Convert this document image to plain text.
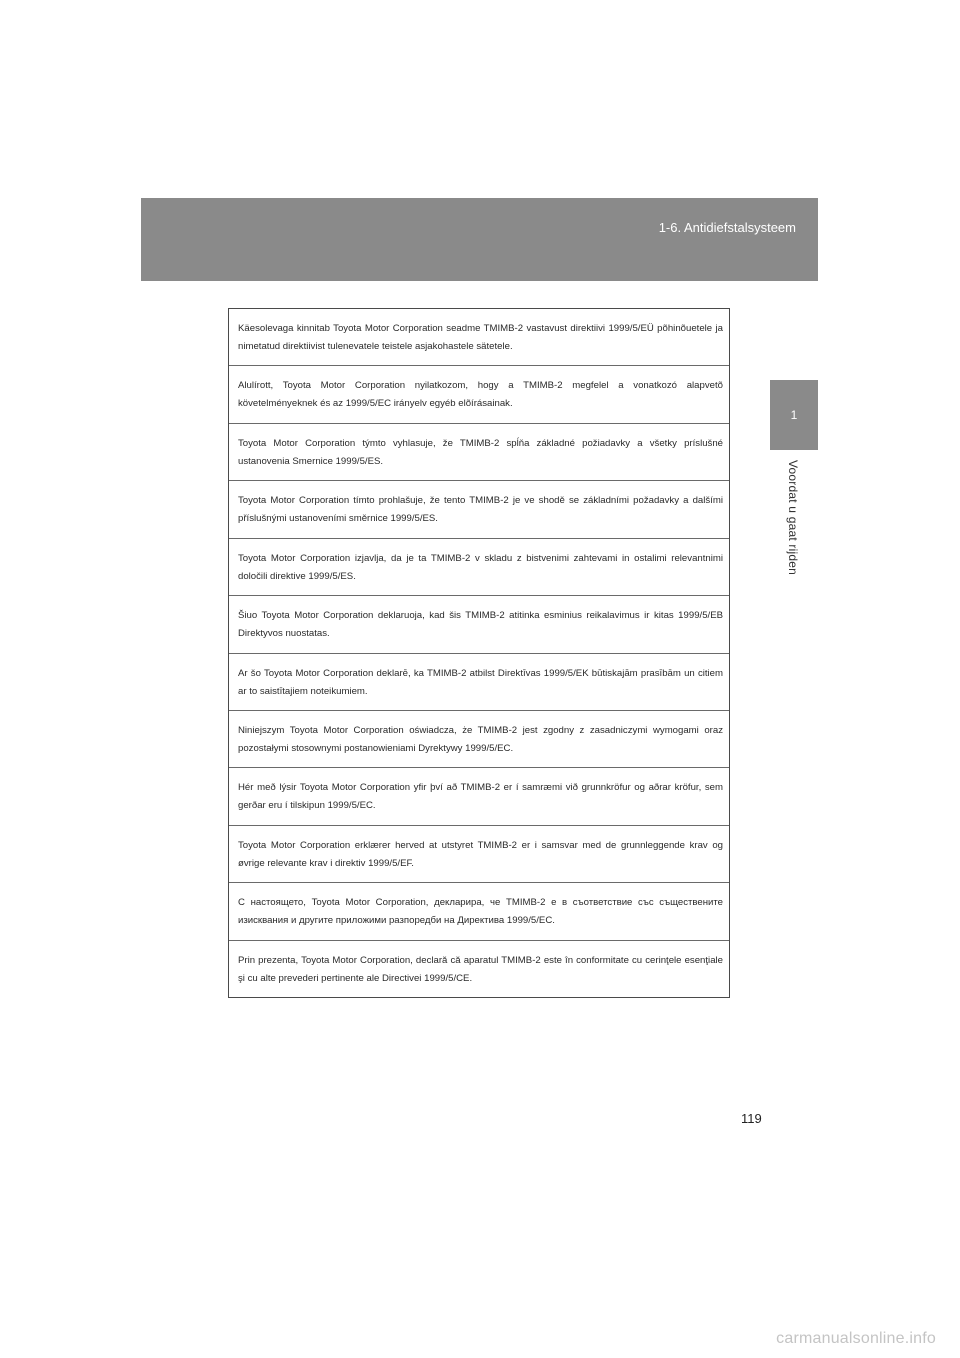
1-6. Antidiefstalsysteem
1
Voordat u gaat rijden
Käesolevaga kinnitab Toyota Motor Corporation seadme TMIMB-2 vastavust direktiivi 1999/5/EÜ põhinõuetele ja nimetatud direktiivist tulenevatele teistele asjakohastele sätetele.
Alulírott, Toyota Motor Corporation nyilatkozom, hogy a TMIMB-2 megfelel a vonatkozó alapvetõ követelményeknek és az 1999/5/EC irányelv egyéb elõírásainak.
Toyota Motor Corporation týmto vyhlasuje, že TMIMB-2 spĺňa základné požiadavky a všetky príslušné ustanovenia Smernice 1999/5/ES.
Toyota Motor Corporation tímto prohlašuje, že tento TMIMB-2 je ve shodě se základními požadavky a dalšími příslušnými ustanoveními směrnice 1999/5/ES.
Toyota Motor Corporation izjavlja, da je ta TMIMB-2 v skladu z bistvenimi zahtevami in ostalimi relevantnimi določili direktive 1999/5/ES.
Šiuo Toyota Motor Corporation deklaruoja, kad šis TMIMB-2 atitinka esminius reikalavimus ir kitas 1999/5/EB Direktyvos nuostatas.
Ar šo Toyota Motor Corporation deklarē, ka TMIMB-2 atbilst Direktīvas 1999/5/EK būtiskajām prasībām un citiem ar to saistītajiem noteikumiem.
Niniejszym Toyota Motor Corporation oświadcza, że TMIMB-2 jest zgodny z zasadniczymi wymogami oraz pozostałymi stosownymi postanowieniami Dyrektywy 1999/5/EC.
Hér með lýsir Toyota Motor Corporation yfir því að TMIMB-2 er í samræmi við grunnkröfur og aðrar kröfur, sem gerðar eru í tilskipun 1999/5/EC.
Toyota Motor Corporation erklærer herved at utstyret TMIMB-2 er i samsvar med de grunnleggende krav og øvrige relevante krav i direktiv 1999/5/EF.
С настоящето, Toyota Motor Corporation, декларира, че TMIMB-2 е в съответствие със съществените изисквания и другите приложими разпоредби на Директива 1999/5/ЕС.
Prin prezenta, Toyota Motor Corporation, declară că aparatul TMIMB-2 este în conformitate cu cerinţele esenţiale şi cu alte prevederi pertinente ale Directivei 1999/5/CE.
119
carmanualsonline.info
